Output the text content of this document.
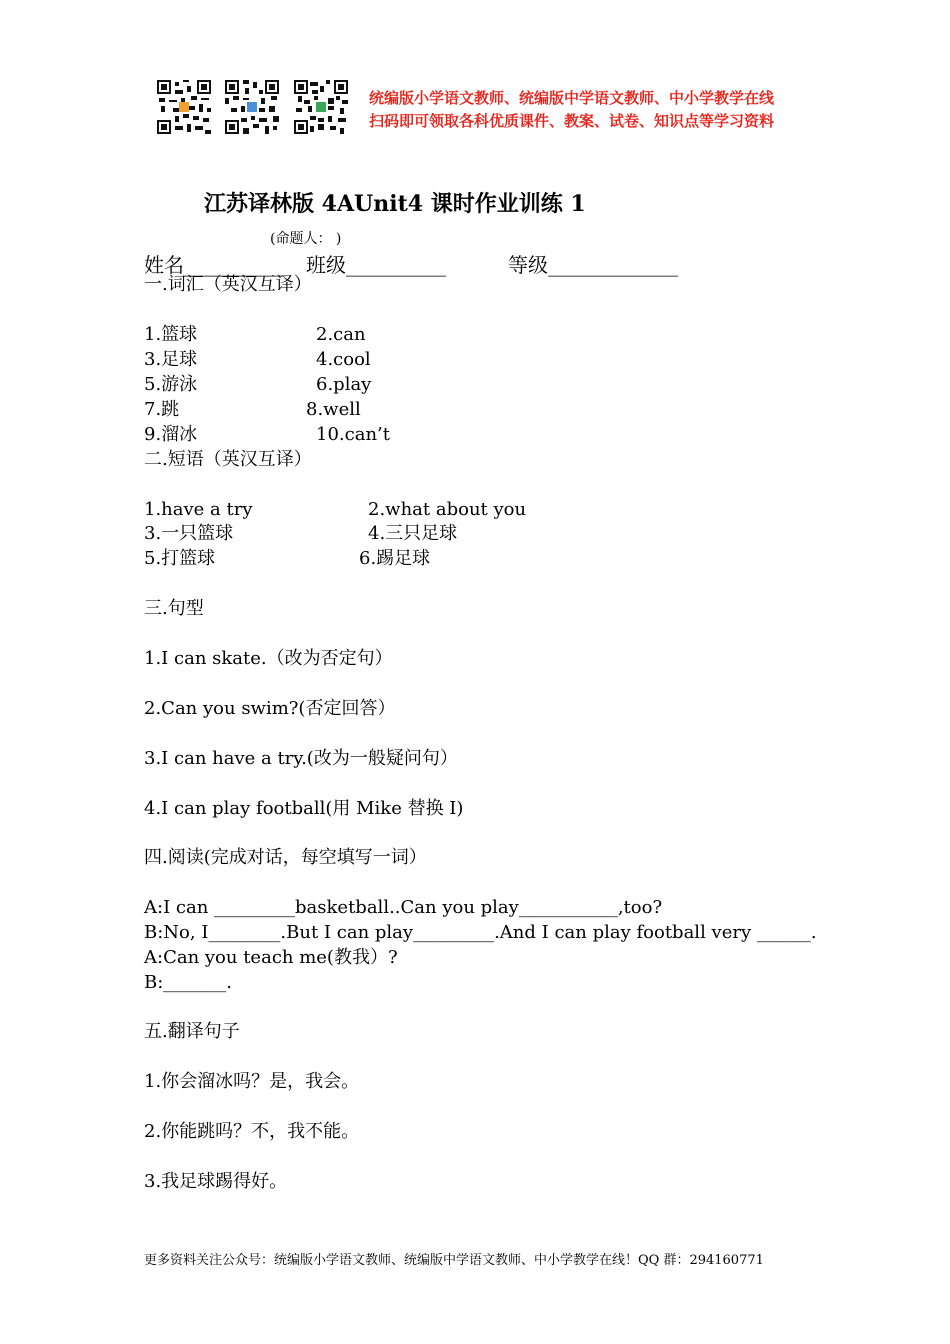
统编版小学语文教师、统编版中学语文教师、中小学教学在线
扫码即可领取各科优质课件、教案、试卷、知识点等学习资料
江苏译林版 4AUnit4 课时作业训练 1
(命题人： )
姓名__________ 班级__________	等级_____________
一.词汇（英汉互译）
1.篮球	2.can
3.足球	4.cool
5.游泳	6.play
7.跳	8.well
9.溜冰	10.can’t
二.短语（英汉互译）
1.have a try	2.what about you
3.一只篮球	4.三只足球
5.打篮球	6.踢足球
三.句型
1.I can skate.（改为否定句）
2.Can you swim?(否定回答）
3.I can have a try.(改为一般疑问句）
4.I can play football(用 Mike 替换 I)
四.阅读(完成对话，每空填写一词）
A:I can _________basketball..Can you play___________,too?
B:No, I________.But I can play_________.And I can play football very ______.
A:Can you teach me(教我）?
B:_______.
五.翻译句子
1.你会溜冰吗？是，我会。
2.你能跳吗？不，我不能。
3.我足球踢得好。
更多资料关注公众号：统编版小学语文教师、统编版中学语文教师、中小学教学在线！QQ 群：294160771
